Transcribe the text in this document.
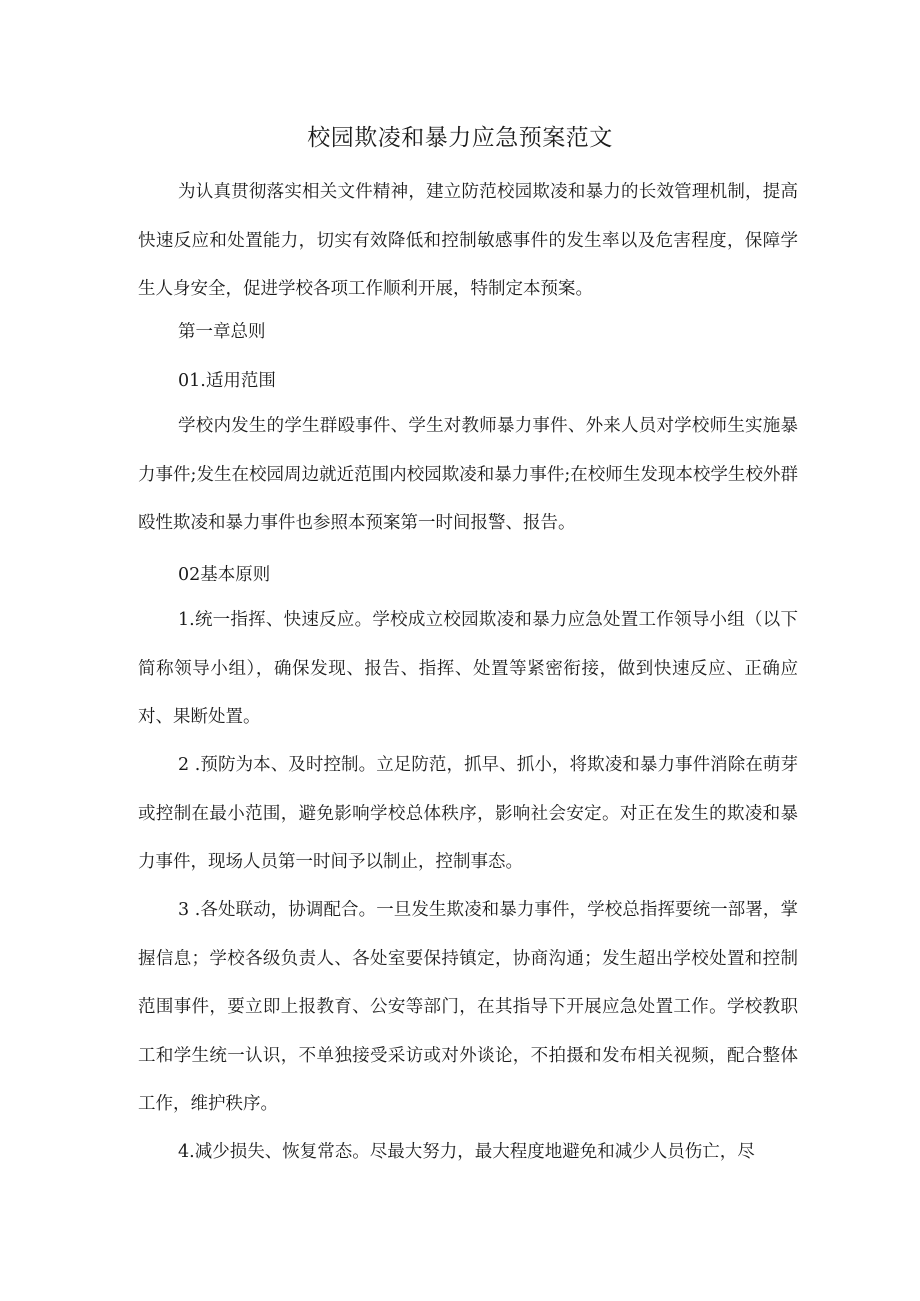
校园欺凌和暴力应急预案范文

为认真贯彻落实相关文件精神，建立防范校园欺凌和暴力的长效管理机制，提高快速反应和处置能力，切实有效降低和控制敏感事件的发生率以及危害程度，保障学生人身安全，促进学校各项工作顺利开展，特制定本预案。

第一章总则

01.适用范围

学校内发生的学生群殴事件、学生对教师暴力事件、外来人员对学校师生实施暴力事件;发生在校园周边就近范围内校园欺凌和暴力事件;在校师生发现本校学生校外群殴性欺凌和暴力事件也参照本预案第一时间报警、报告。

02基本原则

1.统一指挥、快速反应。学校成立校园欺凌和暴力应急处置工作领导小组（以下简称领导小组），确保发现、报告、指挥、处置等紧密衔接，做到快速反应、正确应对、果断处置。

2 .预防为本、及时控制。立足防范，抓早、抓小，将欺凌和暴力事件消除在萌芽或控制在最小范围，避免影响学校总体秩序，影响社会安定。对正在发生的欺凌和暴力事件，现场人员第一时间予以制止，控制事态。

3 .各处联动，协调配合。一旦发生欺凌和暴力事件，学校总指挥要统一部署，掌握信息；学校各级负责人、各处室要保持镇定，协商沟通；发生超出学校处置和控制范围事件，要立即上报教育、公安等部门，在其指导下开展应急处置工作。学校教职工和学生统一认识，不单独接受采访或对外谈论，不拍摄和发布相关视频，配合整体工作，维护秩序。

4.减少损失、恢复常态。尽最大努力，最大程度地避免和减少人员伤亡，尽
